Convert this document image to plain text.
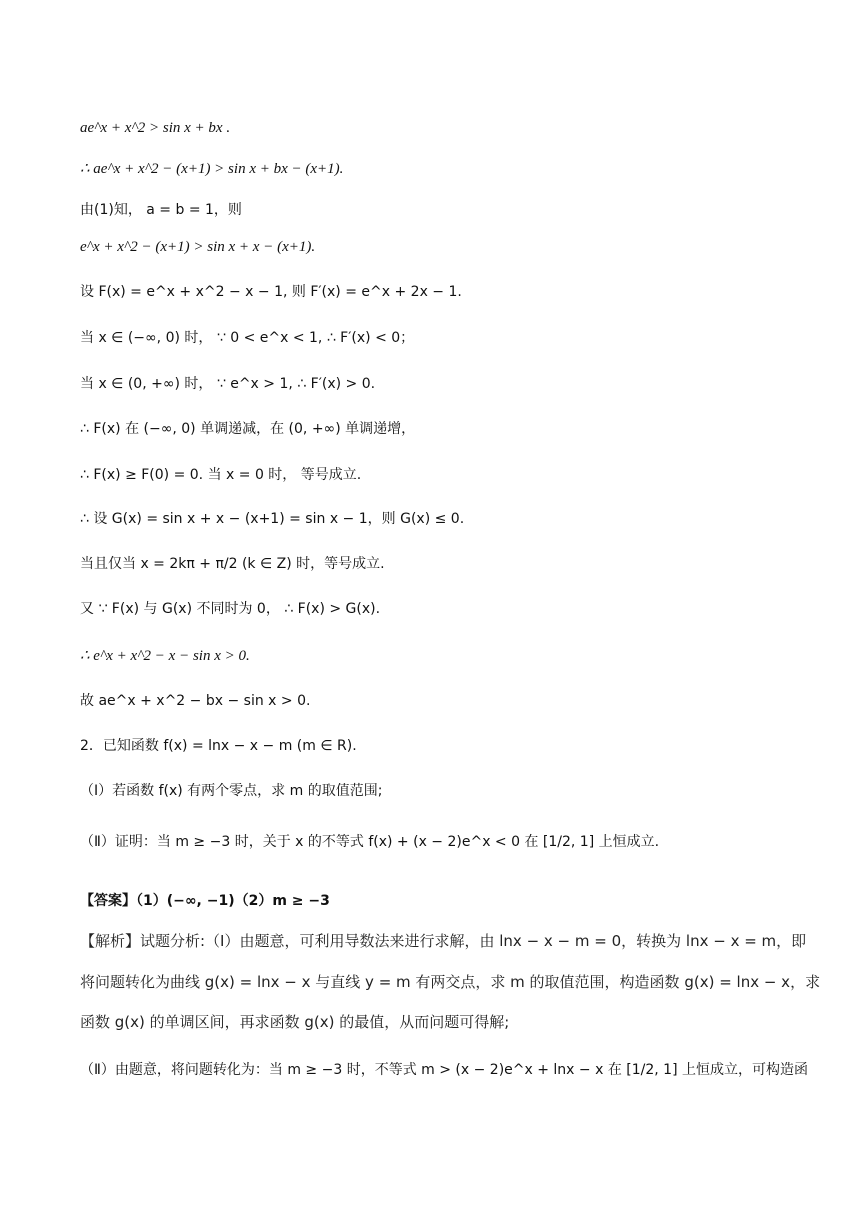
ae^x + x^2 > sin x + bx .
∴ ae^x + x^2 − (x+1) > sin x + bx − (x+1).
由(1)知， a = b = 1，则
e^x + x^2 − (x+1) > sin x + x − (x+1).
设 F(x) = e^x + x^2 − x − 1, 则 F′(x) = e^x + 2x − 1.
当 x ∈ (−∞, 0) 时， ∵ 0 < e^x < 1, ∴ F′(x) < 0；
当 x ∈ (0, +∞) 时， ∵ e^x > 1, ∴ F′(x) > 0.
∴ F(x) 在 (−∞, 0) 单调递减，在 (0, +∞) 单调递增，
∴ F(x) ≥ F(0) = 0. 当 x = 0 时， 等号成立.
∴ 设 G(x) = sin x + x − (x+1) = sin x − 1，则 G(x) ≤ 0.
当且仅当 x = 2kπ + π/2 (k ∈ Z) 时，等号成立.
又 ∵ F(x) 与 G(x) 不同时为 0， ∴ F(x) > G(x).
∴ e^x + x^2 − x − sin x > 0.
故 ae^x + x^2 − bx − sin x > 0.
2．已知函数 f(x) = lnx − x − m (m ∈ R).
（Ⅰ）若函数 f(x) 有两个零点，求 m 的取值范围;
（Ⅱ）证明：当 m ≥ −3 时，关于 x 的不等式 f(x) + (x − 2)e^x < 0 在 [1/2, 1] 上恒成立.
【答案】（1）(−∞, −1)（2）m ≥ −3
【解析】试题分析:（Ⅰ）由题意，可利用导数法来进行求解，由 lnx − x − m = 0，转换为 lnx − x = m，即
将问题转化为曲线 g(x) = lnx − x 与直线 y = m 有两交点，求 m 的取值范围，构造函数 g(x) = lnx − x，求
函数 g(x) 的单调区间，再求函数 g(x) 的最值，从而问题可得解;
（Ⅱ）由题意，将问题转化为：当 m ≥ −3 时，不等式 m > (x − 2)e^x + lnx − x 在 [1/2, 1] 上恒成立，可构造函
